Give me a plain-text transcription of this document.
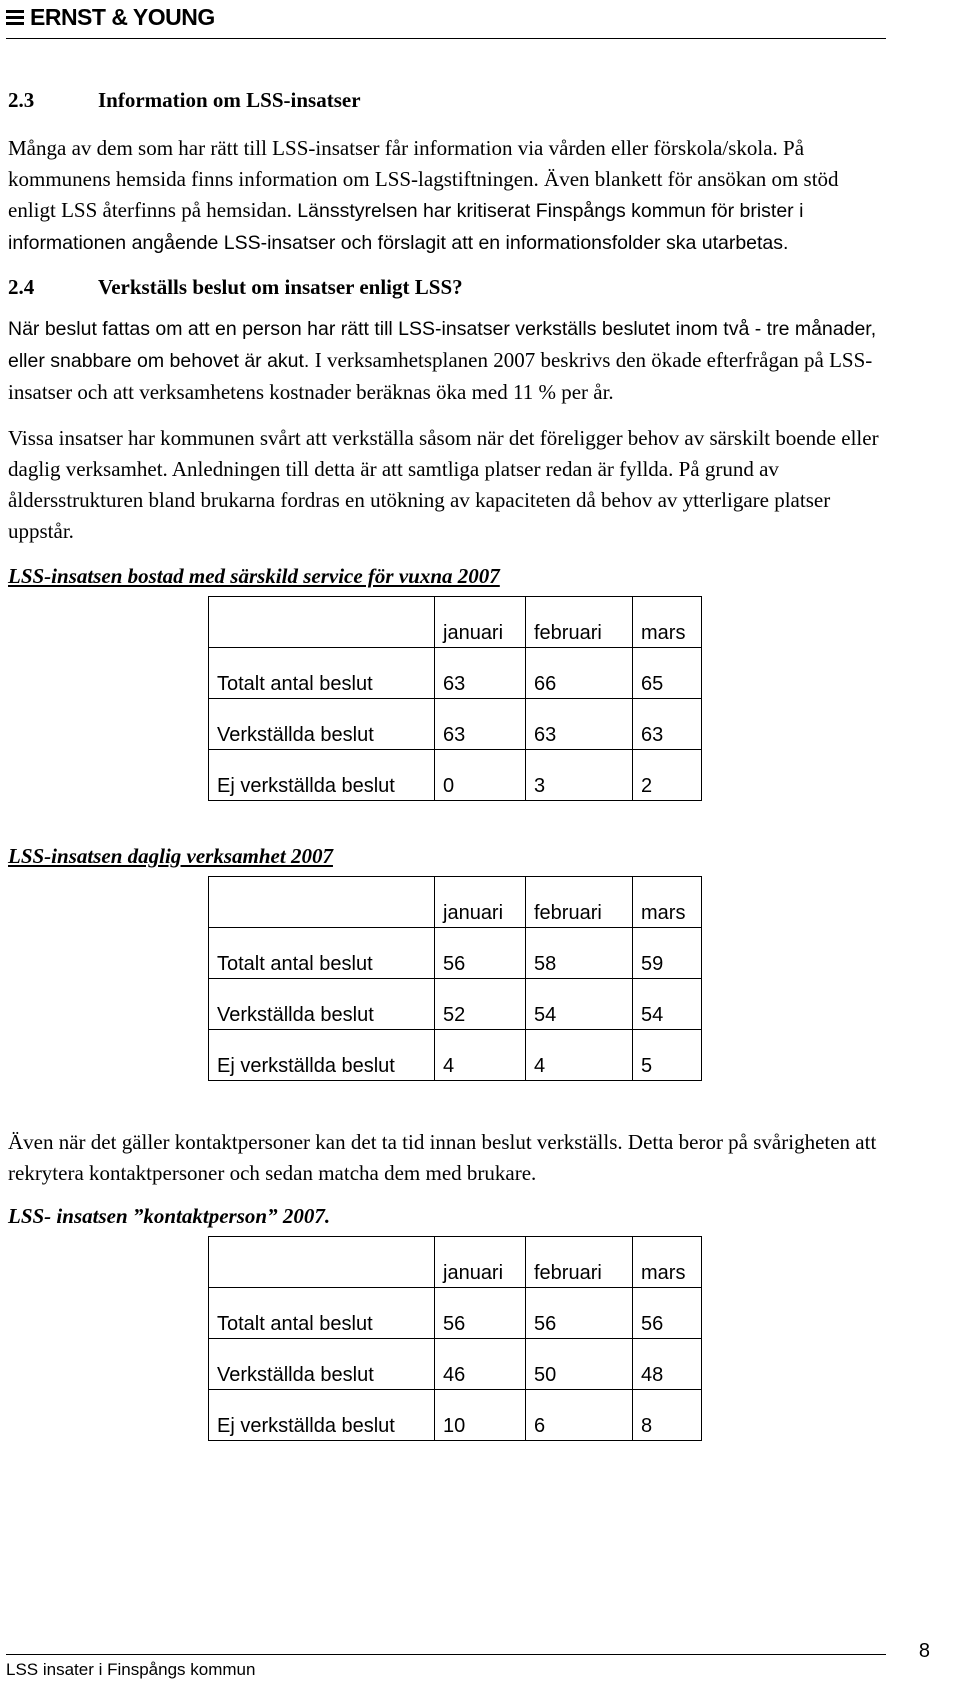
ERNST & YOUNG
2.3	Information om LSS-insatser

Många av dem som har rätt till LSS-insatser får information via vården eller förskola/skola. På kommunens hemsida finns information om LSS-lagstiftningen. Även blankett för ansökan om stöd enligt LSS återfinns på hemsidan. Länsstyrelsen har kritiserat Finspångs kommun för brister i informationen angående LSS-insatser och förslagit att en informationsfolder ska utarbetas.

2.4	Verkställs beslut om insatser enligt LSS?

När beslut fattas om att en person har rätt till LSS-insatser verkställs beslutet inom två - tre månader, eller snabbare om behovet är akut. I verksamhetsplanen 2007 beskrivs den ökade efterfrågan på LSS-insatser och att verksamhetens kostnader beräknas öka med 11 % per år.

Vissa insatser har kommunen svårt att verkställa såsom när det föreligger behov av särskilt boende eller daglig verksamhet. Anledningen till detta är att samtliga platser redan är fyllda. På grund av åldersstrukturen bland brukarna fordras en utökning av kapaciteten då behov av ytterligare platser uppstår.

LSS-insatsen bostad med särskild service för vuxna 2007

	januari	februari	mars
Totalt antal beslut	63	66	65
Verkställda beslut	63	63	63
Ej verkställda beslut	0	3	2

LSS-insatsen daglig verksamhet 2007

	januari	februari	mars
Totalt antal beslut	56	58	59
Verkställda beslut	52	54	54
Ej verkställda beslut	4	4	5

Även när det gäller kontaktpersoner kan det ta tid innan beslut verkställs. Detta beror på svårigheten att rekrytera kontaktpersoner och sedan matcha dem med brukare.

LSS- insatsen ”kontaktperson” 2007.

	januari	februari	mars
Totalt antal beslut	56	56	56
Verkställda beslut	46	50	48
Ej verkställda beslut	10	6	8
LSS insater i Finspångs kommun
8
